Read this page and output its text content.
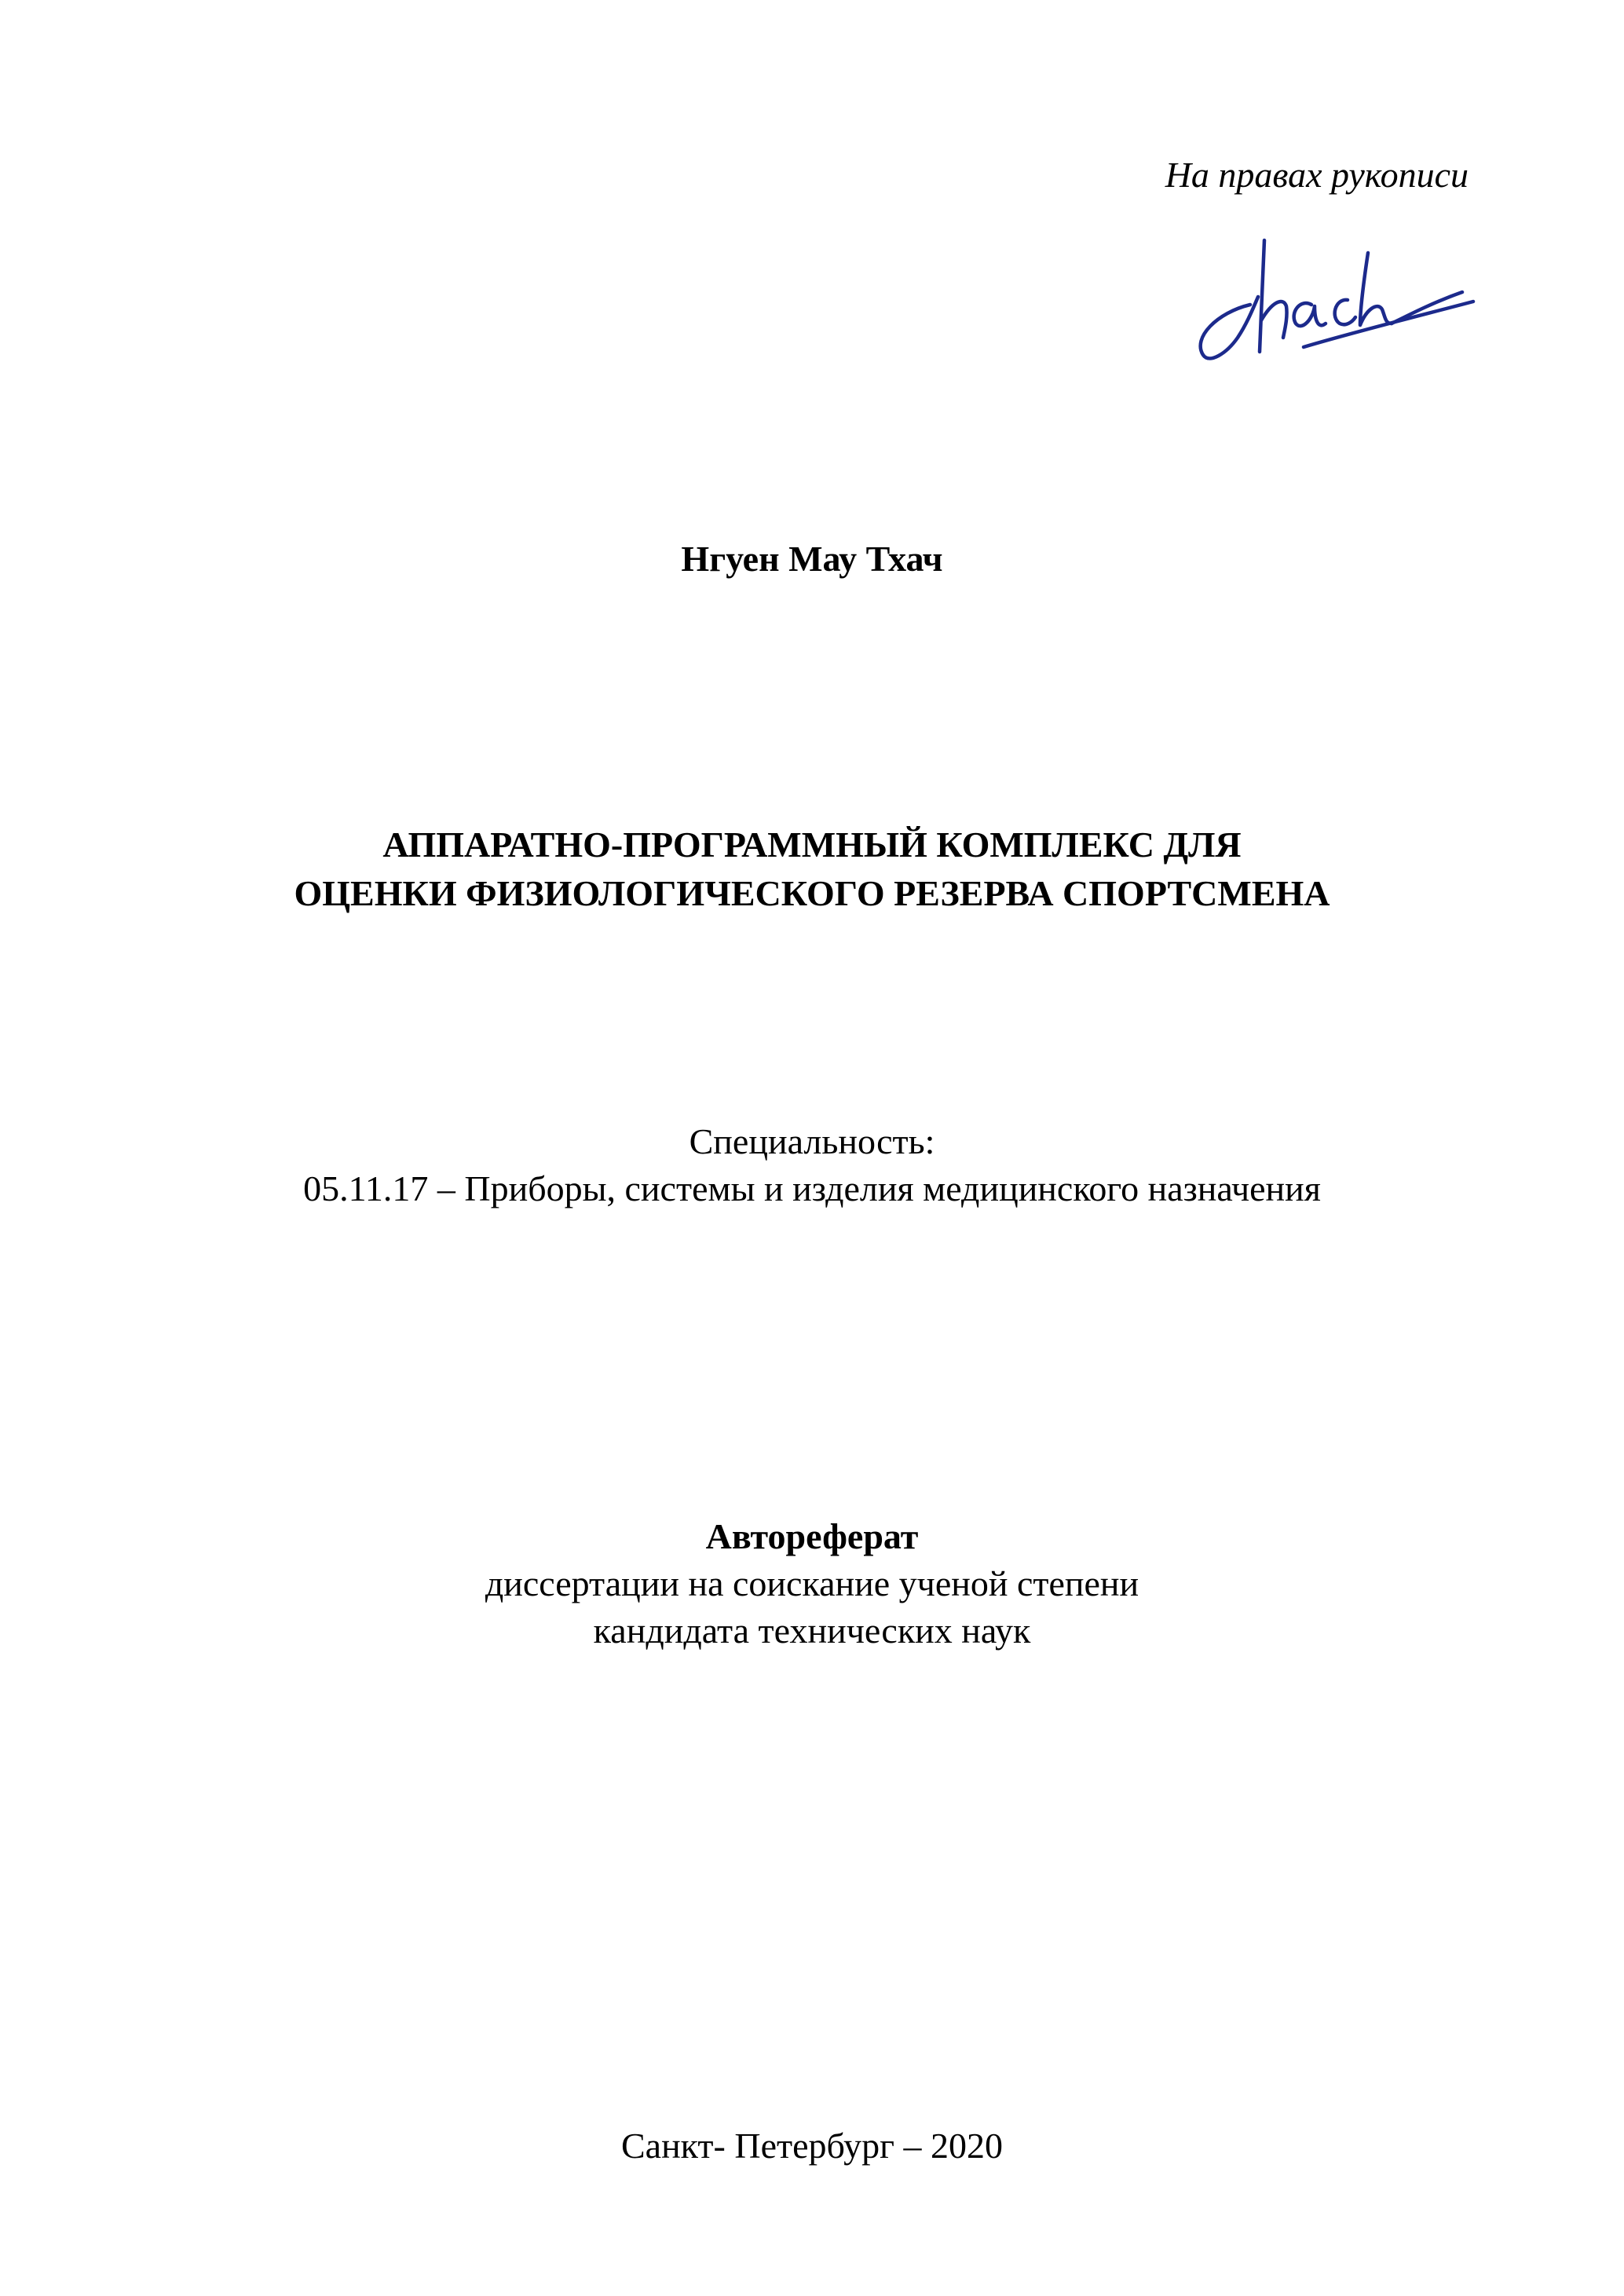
На правах рукописи
Нгуен Мау Тхач
АППАРАТНО-ПРОГРАММНЫЙ КОМПЛЕКС ДЛЯ
ОЦЕНКИ ФИЗИОЛОГИЧЕСКОГО РЕЗЕРВА СПОРТСМЕНА
Специальность:
05.11.17 – Приборы, системы и изделия медицинского назначения
Автореферат
диссертации на соискание ученой степени
кандидата технических наук
Санкт- Петербург – 2020
